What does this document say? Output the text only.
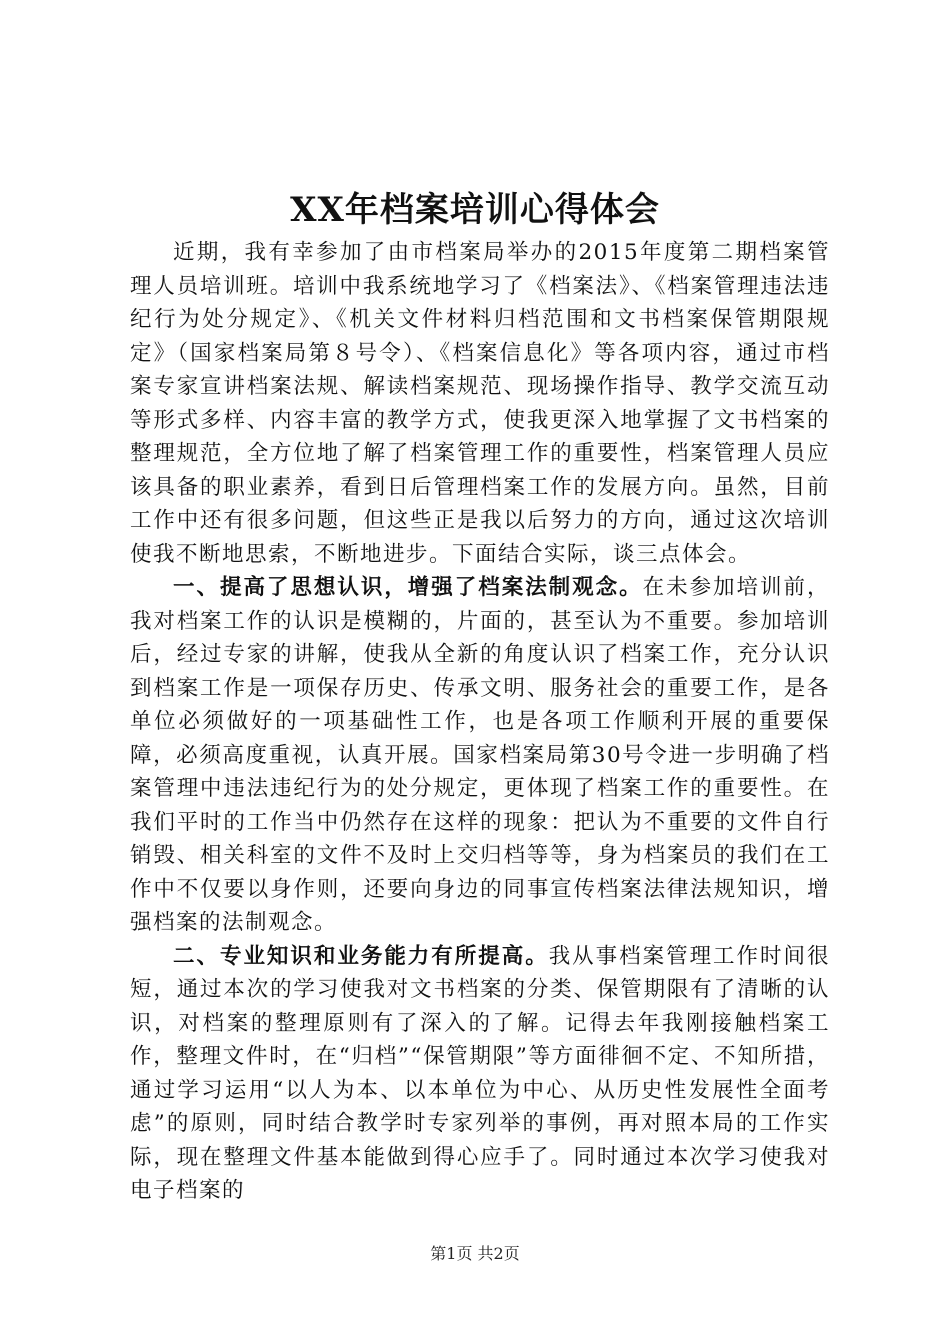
XX年档案培训心得体会

近期，我有幸参加了由市档案局举办的2015年度第二期档案管理人员培训班。培训中我系统地学习了《档案法》、《档案管理违法违纪行为处分规定》、《机关文件材料归档范围和文书档案保管期限规定》（国家档案局第８号令）、《档案信息化》等各项内容，通过市档案专家宣讲档案法规、解读档案规范、现场操作指导、教学交流互动等形式多样、内容丰富的教学方式，使我更深入地掌握了文书档案的整理规范，全方位地了解了档案管理工作的重要性，档案管理人员应该具备的职业素养，看到日后管理档案工作的发展方向。虽然，目前工作中还有很多问题，但这些正是我以后努力的方向，通过这次培训使我不断地思索，不断地进步。下面结合实际，谈三点体会。

一、提高了思想认识，增强了档案法制观念。在未参加培训前，我对档案工作的认识是模糊的，片面的，甚至认为不重要。参加培训后，经过专家的讲解，使我从全新的角度认识了档案工作，充分认识到档案工作是一项保存历史、传承文明、服务社会的重要工作，是各单位必须做好的一项基础性工作，也是各项工作顺利开展的重要保障，必须高度重视，认真开展。国家档案局第30号令进一步明确了档案管理中违法违纪行为的处分规定，更体现了档案工作的重要性。在我们平时的工作当中仍然存在这样的现象：把认为不重要的文件自行销毁、相关科室的文件不及时上交归档等等，身为档案员的我们在工作中不仅要以身作则，还要向身边的同事宣传档案法律法规知识，增强档案的法制观念。

二、专业知识和业务能力有所提高。我从事档案管理工作时间很短，通过本次的学习使我对文书档案的分类、保管期限有了清晰的认识，对档案的整理原则有了深入的了解。记得去年我刚接触档案工作，整理文件时，在“归档”“保管期限”等方面徘徊不定、不知所措，通过学习运用“以人为本、以本单位为中心、从历史性发展性全面考虑”的原则，同时结合教学时专家列举的事例，再对照本局的工作实际，现在整理文件基本能做到得心应手了。同时通过本次学习使我对电子档案的

第1页 共2页
